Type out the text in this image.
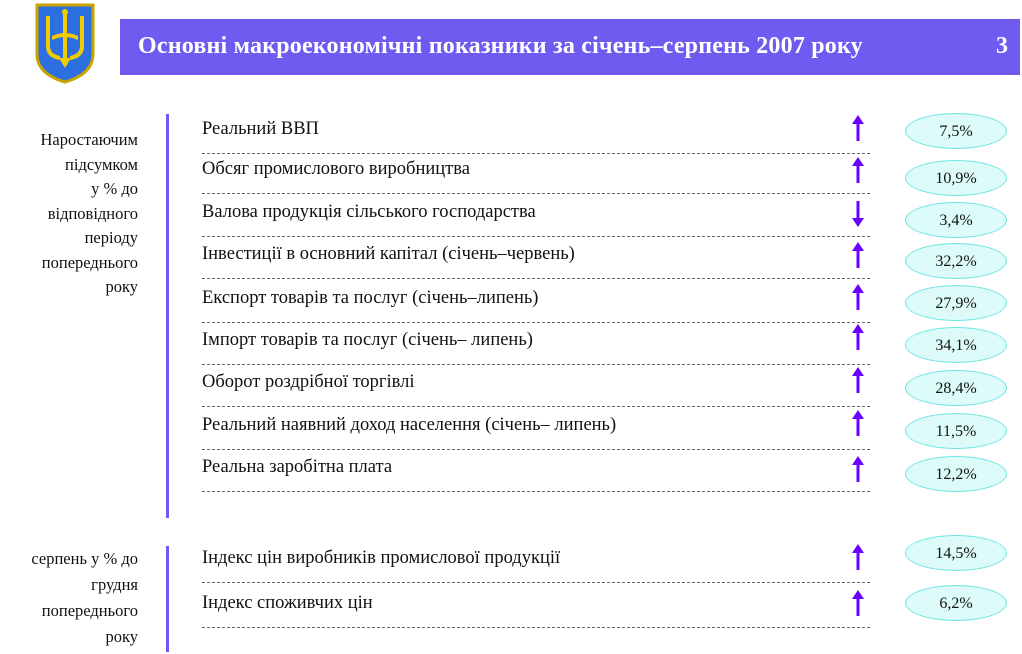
Основні макроекономічні показники за січень–серпень 2007 року	3
Наростаючим
підсумком
у % до
відповідного
періоду
попереднього
року
Реальний ВВП
Обсяг промислового виробництва
Валова продукція сільського господарства
Інвестиції в основний капітал (січень–червень)
Експорт товарів та послуг (січень–липень)
Імпорт товарів та послуг (січень– липень)
Оборот роздрібної торгівлі
Реальний наявний доход населення (січень– липень)
Реальна заробітна плата
серпень у % до
грудня
попереднього
року
Індекс цін виробників промислової продукції
Індекс споживчих цін
7,5%
10,9%
3,4%
32,2%
27,9%
34,1%
28,4%
11,5%
12,2%
14,5%
6,2%
